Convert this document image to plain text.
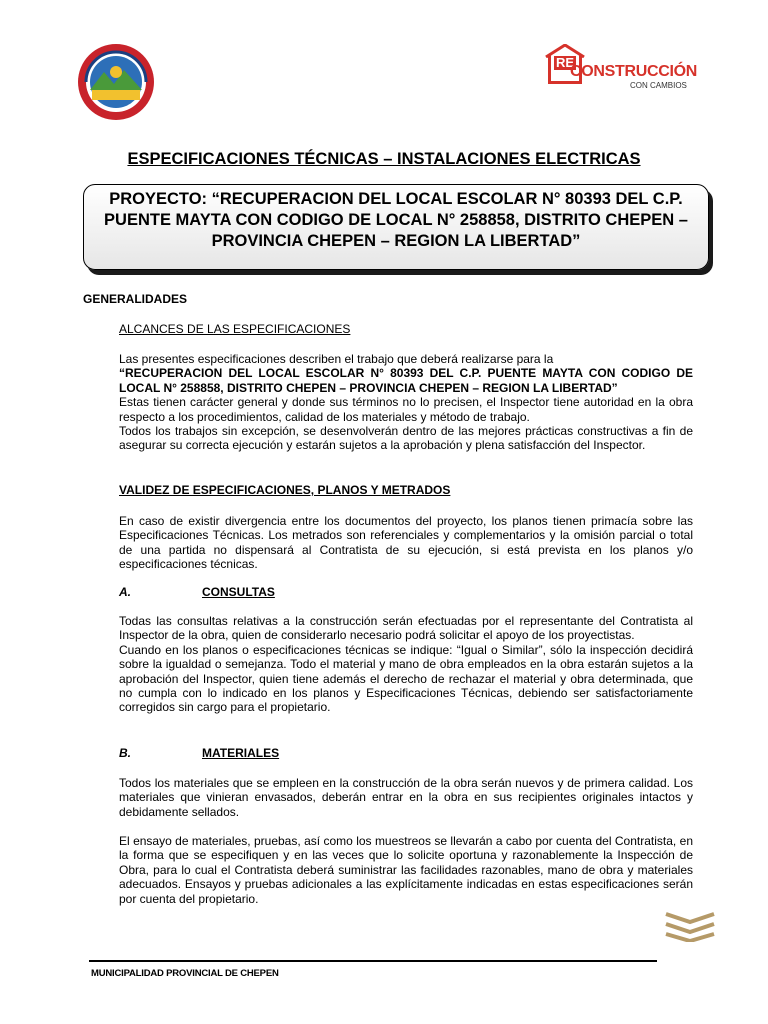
RE
CONSTRUCCIÓN
CON CAMBIOS
ESPECIFICACIONES TÉCNICAS – INSTALACIONES ELECTRICAS
PROYECTO: “RECUPERACION DEL LOCAL ESCOLAR N° 80393 DEL C.P. PUENTE MAYTA CON CODIGO DE LOCAL N° 258858, DISTRITO CHEPEN – PROVINCIA CHEPEN – REGION LA LIBERTAD”
GENERALIDADES
ALCANCES DE LAS ESPECIFICACIONES
Las presentes especificaciones describen el trabajo que deberá realizarse para la
“RECUPERACION DEL LOCAL ESCOLAR N° 80393 DEL C.P. PUENTE MAYTA CON CODIGO DE LOCAL N° 258858, DISTRITO CHEPEN – PROVINCIA CHEPEN – REGION LA LIBERTAD”
Estas tienen carácter general y donde sus términos no lo precisen, el Inspector tiene autoridad en la obra respecto a los procedimientos, calidad de los materiales y método de trabajo.
Todos los trabajos sin excepción, se desenvolverán dentro de las mejores prácticas constructivas a fin de asegurar su correcta ejecución y estarán sujetos a la aprobación y plena satisfacción del Inspector.
VALIDEZ DE ESPECIFICACIONES, PLANOS Y METRADOS
En caso de existir divergencia entre los documentos del proyecto, los planos tienen primacía sobre las Especificaciones Técnicas. Los metrados son referenciales y complementarios y la omisión parcial o total de una partida no dispensará al Contratista de su ejecución, si está prevista en los planos y/o especificaciones técnicas.
A.	CONSULTAS
Todas las consultas relativas a la construcción serán efectuadas por el representante del Contratista al Inspector de la obra, quien de considerarlo necesario podrá solicitar el apoyo de los proyectistas.
Cuando en los planos o especificaciones técnicas se indique: “Igual o Similar”, sólo la inspección decidirá sobre la igualdad o semejanza. Todo el material y mano de obra empleados en la obra estarán sujetos a la aprobación del Inspector, quien tiene además el derecho de rechazar el material y obra determinada, que no cumpla con lo indicado en los planos y Especificaciones Técnicas, debiendo ser satisfactoriamente corregidos sin cargo para el propietario.
B.	MATERIALES
Todos los materiales que se empleen en la construcción de la obra serán nuevos y de primera calidad. Los materiales que vinieran envasados, deberán entrar en la obra en sus recipientes originales intactos y debidamente sellados.
El ensayo de materiales, pruebas, así como los muestreos se llevarán a cabo por cuenta del Contratista, en la forma que se especifiquen y en las veces que lo solicite oportuna y razonablemente la Inspección de Obra, para lo cual el Contratista deberá suministrar las facilidades razonables, mano de obra y materiales adecuados. Ensayos y pruebas adicionales a las explícitamente indicadas en estas especificaciones serán por cuenta del propietario.
MUNICIPALIDAD PROVINCIAL DE CHEPEN
